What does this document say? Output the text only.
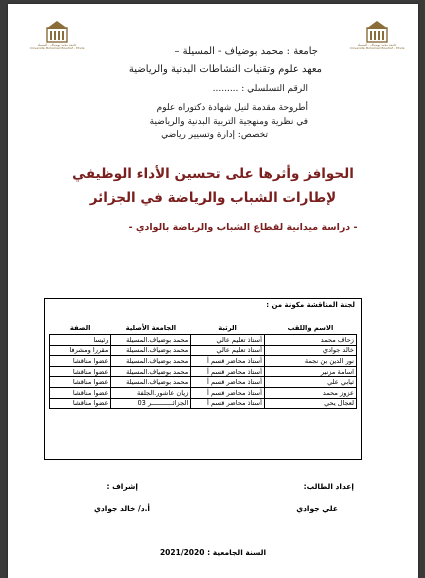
جامعة محمد بوضياف - المسيلة
Université Mohamed Boudiaf - M'sila
جامعة محمد بوضياف - المسيلة
Université Mohamed Boudiaf - M'sila
جامعة : محمد بوضياف - المسيلة –
معهد علوم وتقنيات النشاطات البدنية والرياضية
الرقم التسلسلي : .........
أطروحة مقدمة لنيل شهادة دكتوراه علوم
في نظرية ومنهجية التربية البدنية والرياضية
تخصص: إدارة وتسيير رياضي
الحوافز وأثرها على تحسين الأداء الوظيفي
لإطارات الشباب والرياضة في الجزائر
- دراسة ميدانية لقطاع الشباب والرياضة بالوادي -
لجنة المناقشة مكونة من :
الاسم واللقب	الرتبة	الجامعة الأصلية	الصفة
زحاف محمد	أستاذ تعليم عالي	محمد بوضياف.المسيلة	رئيسا
خالد جوادي	أستاذ تعليم عالي	محمد بوضياف.المسيلة	مقررا ومشرفا
نور الدين بن نجمة	أستاذ محاضر قسم أ	محمد بوضياف.المسيلة	عضوا مناقشا
اسامة مزنير	أستاذ محاضر قسم أ	محمد بوضياف.المسيلة	عضوا مناقشا
ثيابي علي	أستاذ محاضر قسم أ	محمد بوضياف.المسيلة	عضوا مناقشا
عزوز محمد	أستاذ محاضر قسم أ	زيان عاشور.الجلفة	عضوا مناقشا
لعجال يحي	أستاذ محاضر قسم أ	الجزائـــــــــــر 03	عضوا مناقشا
إعداد الطالب:
علي جوادي
إشراف :
أ.د/ خالد جوادي
السنة الجامعية : 2021/2020
